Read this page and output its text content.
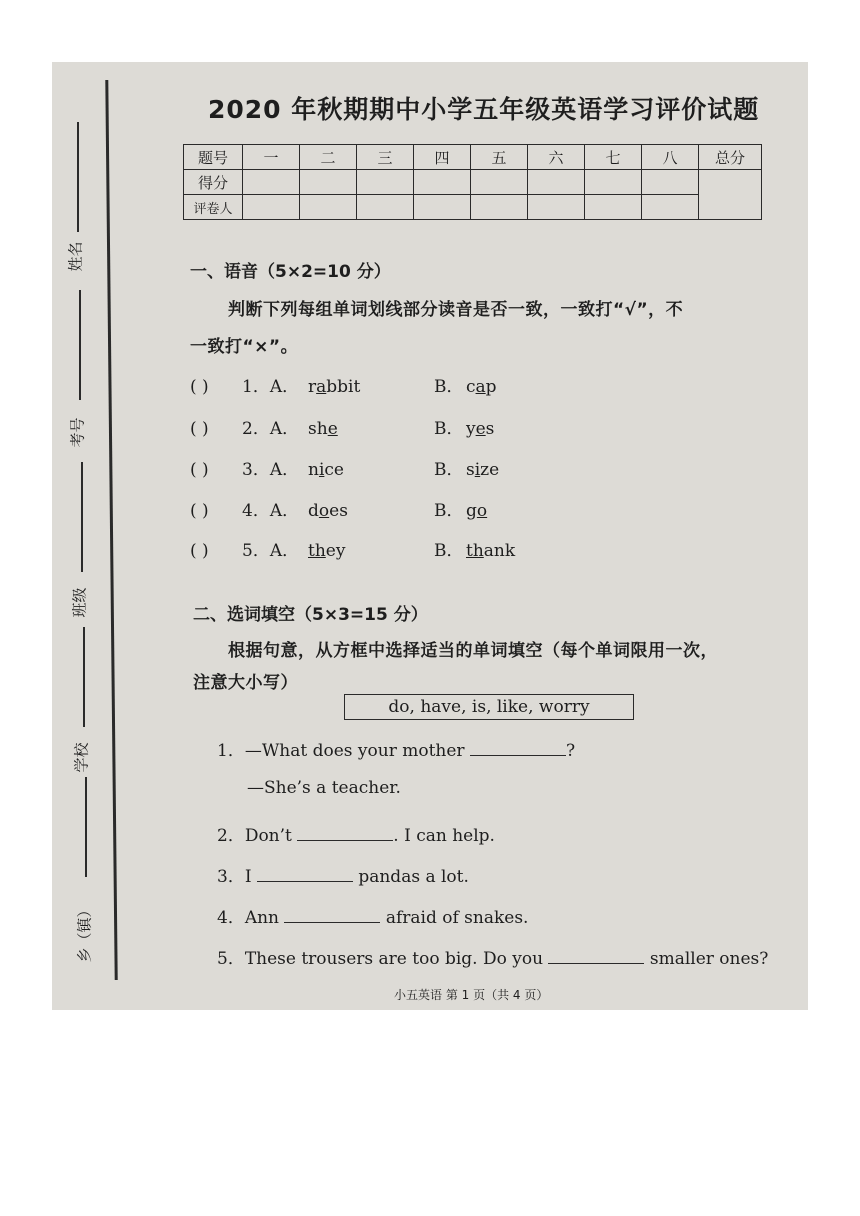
姓名
考号
班级
学校
乡（镇）
2020 年秋期期中小学五年级英语学习评价试题
题号	一	二	三	四	五	六	七	八	总分
得分									
评卷人									
一、语音（5×2=10 分）
判断下列每组单词划线部分读音是否一致，一致打“√”，不
一致打“×”。
( ) 1．A． rabbit	B． cap
( ) 2．A． she	B． yes
( ) 3．A． nice	B． size
( ) 4．A． does	B． go
( ) 5．A． they	B． thank
二、选词填空（5×3=15 分）
根据句意，从方框中选择适当的单词填空（每个单词限用一次，
注意大小写）
do, have, is, like, worry
1．—What does your mother	?
—She’s a teacher.
2．Don’t	. I can help.
3．I	pandas a lot.
4．Ann	afraid of snakes.
5．These trousers are too big. Do you	smaller ones?
小五英语 第 1 页（共 4 页）
